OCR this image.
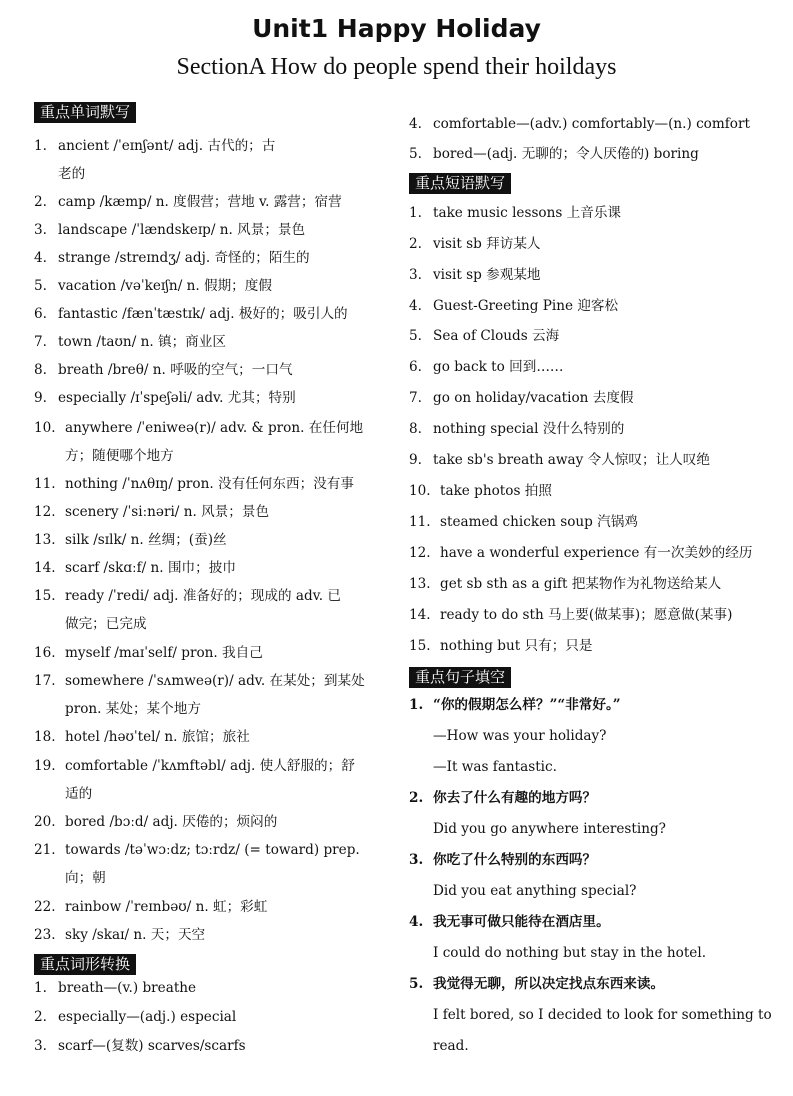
Unit1 Happy Holiday
SectionA How do people spend their hoildays
重点单词默写
1. ancient /ˈeɪnʃənt/ adj. 古代的；古
老的
2. camp /kæmp/ n. 度假营；营地 v. 露营；宿营
3. landscape /ˈlændskeɪp/ n. 风景；景色
4. strange /streɪndʒ/ adj. 奇怪的；陌生的
5. vacation /vəˈkeɪʃn/ n. 假期；度假
6. fantastic /fænˈtæstɪk/ adj. 极好的；吸引人的
7. town /taʊn/ n. 镇；商业区
8. breath /breθ/ n. 呼吸的空气；一口气
9. especially /ɪˈspeʃəli/ adv. 尤其；特别
10. anywhere /ˈeniweə(r)/ adv. & pron. 在任何地
方；随便哪个地方
11. nothing /ˈnʌθɪŋ/ pron. 没有任何东西；没有事
12. scenery /ˈsiːnəri/ n. 风景；景色
13. silk /sɪlk/ n. 丝绸；(蚕)丝
14. scarf /skɑːf/ n. 围巾；披巾
15. ready /ˈredi/ adj. 准备好的；现成的 adv. 已
做完；已完成
16. myself /maɪˈself/ pron. 我自己
17. somewhere /ˈsʌmweə(r)/ adv. 在某处；到某处
pron. 某处；某个地方
18. hotel /həʊˈtel/ n. 旅馆；旅社
19. comfortable /ˈkʌmftəbl/ adj. 使人舒服的；舒
适的
20. bored /bɔːd/ adj. 厌倦的；烦闷的
21. towards /təˈwɔːdz; tɔːrdz/ (= toward) prep.
向；朝
22. rainbow /ˈreɪnbəʊ/ n. 虹；彩虹
23. sky /skaɪ/ n. 天；天空
重点词形转换
1. breath—(v.) breathe
2. especially—(adj.) especial
3. scarf—(复数) scarves/scarfs
4. comfortable—(adv.) comfortably—(n.) comfort
5. bored—(adj. 无聊的；令人厌倦的) boring
重点短语默写
1. take music lessons 上音乐课
2. visit sb 拜访某人
3. visit sp 参观某地
4. Guest-Greeting Pine 迎客松
5. Sea of Clouds 云海
6. go back to 回到……
7. go on holiday/vacation 去度假
8. nothing special 没什么特别的
9. take sb's breath away 令人惊叹；让人叹绝
10. take photos 拍照
11. steamed chicken soup 汽锅鸡
12. have a wonderful experience 有一次美妙的经历
13. get sb sth as a gift 把某物作为礼物送给某人
14. ready to do sth 马上要(做某事)；愿意做(某事)
15. nothing but 只有；只是
重点句子填空
1. “你的假期怎么样？”“非常好。”
—How was your holiday?
—It was fantastic.
2. 你去了什么有趣的地方吗？
Did you go anywhere interesting?
3. 你吃了什么特别的东西吗？
Did you eat anything special?
4. 我无事可做只能待在酒店里。
I could do nothing but stay in the hotel.
5. 我觉得无聊，所以决定找点东西来读。
I felt bored, so I decided to look for something to
read.
